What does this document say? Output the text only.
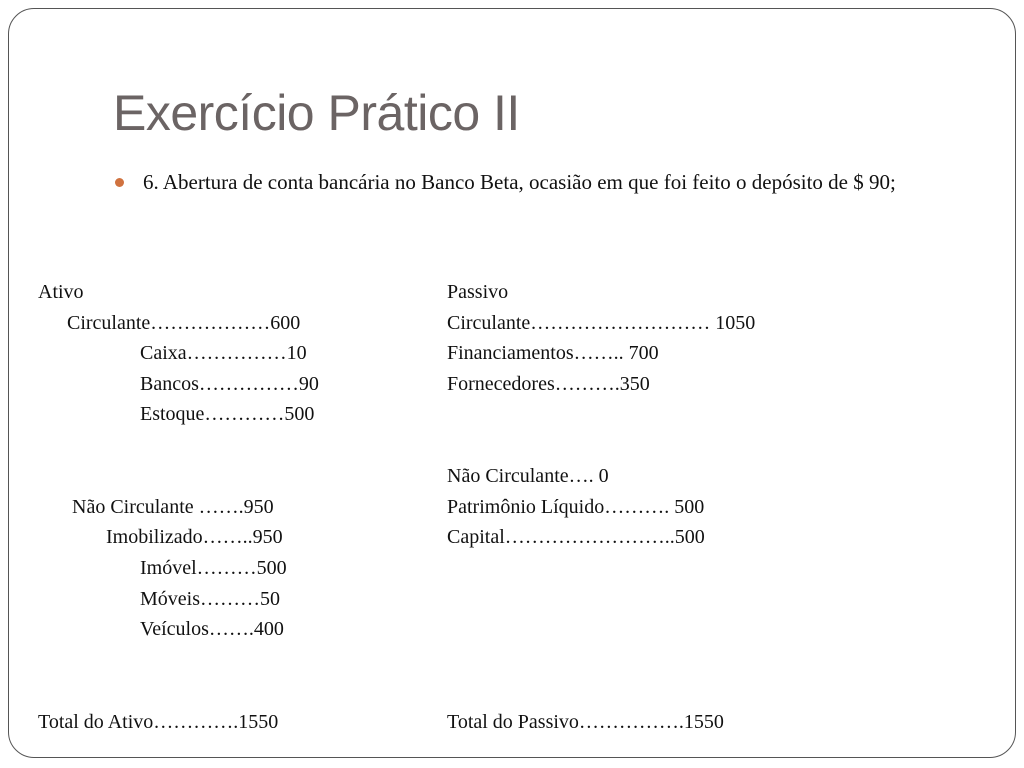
Exercício Prático II
6. Abertura de conta bancária no Banco Beta, ocasião em que foi feito o depósito de $ 90;
Ativo
Circulante………………600
Caixa……………10
Bancos……………90
Estoque…………500
Não Circulante …….950
Imobilizado……..950
Imóvel………500
Móveis………50
Veículos…….400
Total do Ativo………….1550
Passivo
Circulante……………………… 1050
Financiamentos…….. 700
Fornecedores……….350
Não Circulante…. 0
Patrimônio Líquido………. 500
Capital……………………..500
Total do Passivo…………….1550
